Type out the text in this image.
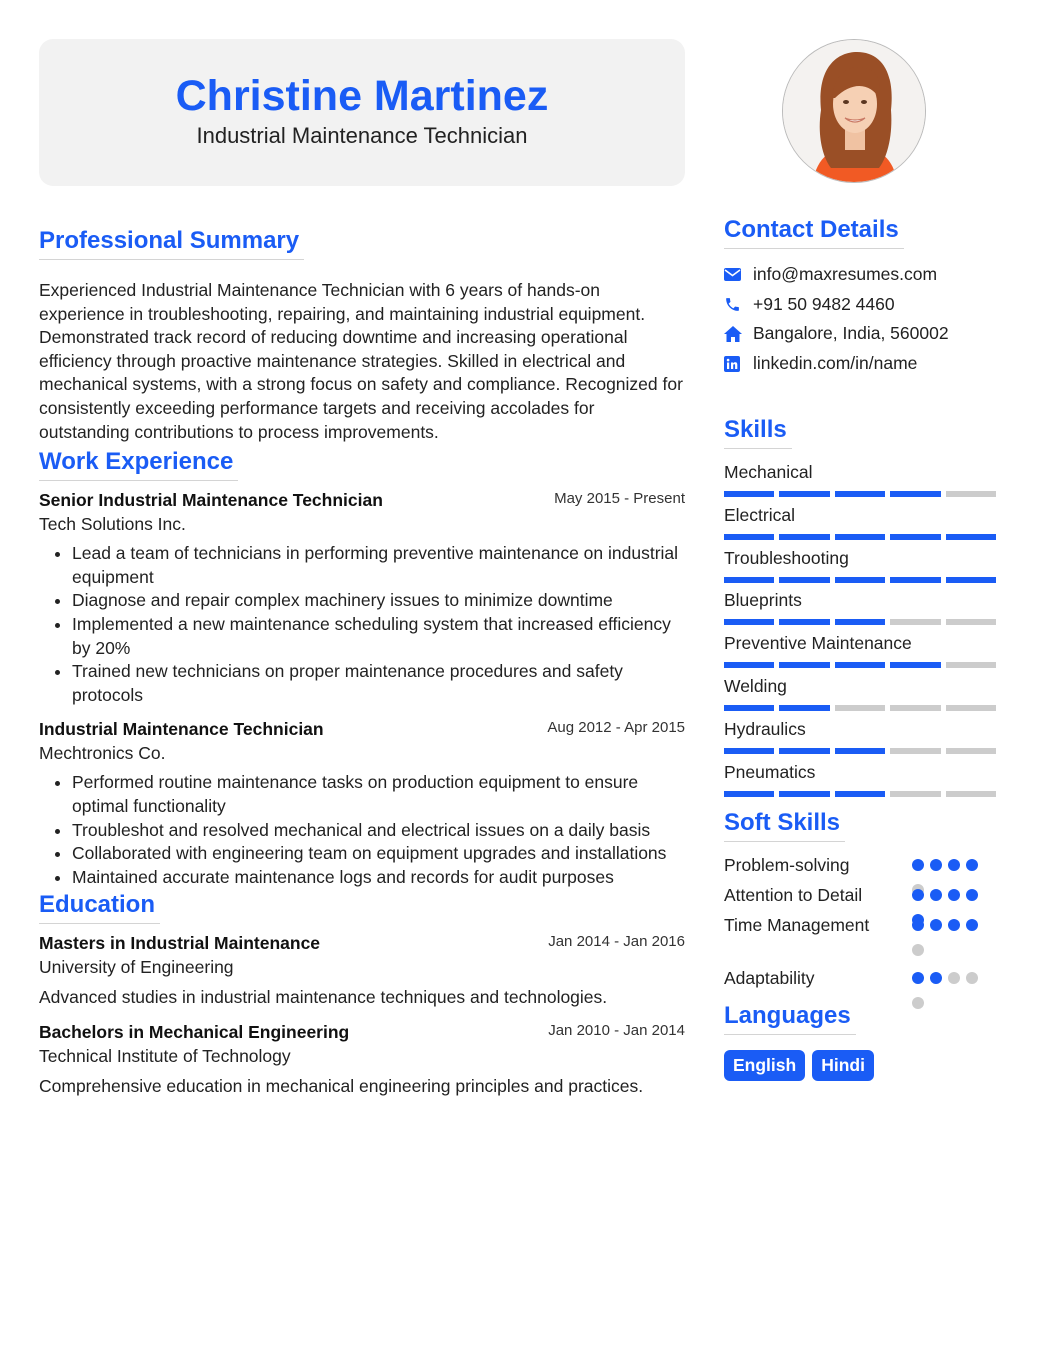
Christine Martinez
Industrial Maintenance Technician
Professional Summary

Experienced Industrial Maintenance Technician with 6 years of hands-on experience in troubleshooting, repairing, and maintaining industrial equipment. Demonstrated track record of reducing downtime and increasing operational efficiency through proactive maintenance strategies. Skilled in electrical and mechanical systems, with a strong focus on safety and compliance. Recognized for consistently exceeding performance targets and receiving accolades for outstanding contributions to process improvements.

Work Experience
Senior Industrial Maintenance Technician	May 2015 - Present
Tech Solutions Inc.
• Lead a team of technicians in performing preventive maintenance on industrial equipment
• Diagnose and repair complex machinery issues to minimize downtime
• Implemented a new maintenance scheduling system that increased efficiency by 20%
• Trained new technicians on proper maintenance procedures and safety protocols
Industrial Maintenance Technician	Aug 2012 - Apr 2015
Mechtronics Co.
• Performed routine maintenance tasks on production equipment to ensure optimal functionality
• Troubleshot and resolved mechanical and electrical issues on a daily basis
• Collaborated with engineering team on equipment upgrades and installations
• Maintained accurate maintenance logs and records for audit purposes
Education
Masters in Industrial Maintenance	Jan 2014 - Jan 2016
University of Engineering

Advanced studies in industrial maintenance techniques and technologies.

Bachelors in Mechanical Engineering	Jan 2010 - Jan 2014
Technical Institute of Technology

Comprehensive education in mechanical engineering principles and practices.

Contact Details
info@maxresumes.com
+91 50 9482 4460
Bangalore, India, 560002
linkedin.com/in/name
Skills
Mechanical
Electrical
Troubleshooting
Blueprints
Preventive Maintenance
Welding
Hydraulics
Pneumatics
Soft Skills
Problem-solving
Attention to Detail
Time Management
Adaptability
Languages
English	Hindi
